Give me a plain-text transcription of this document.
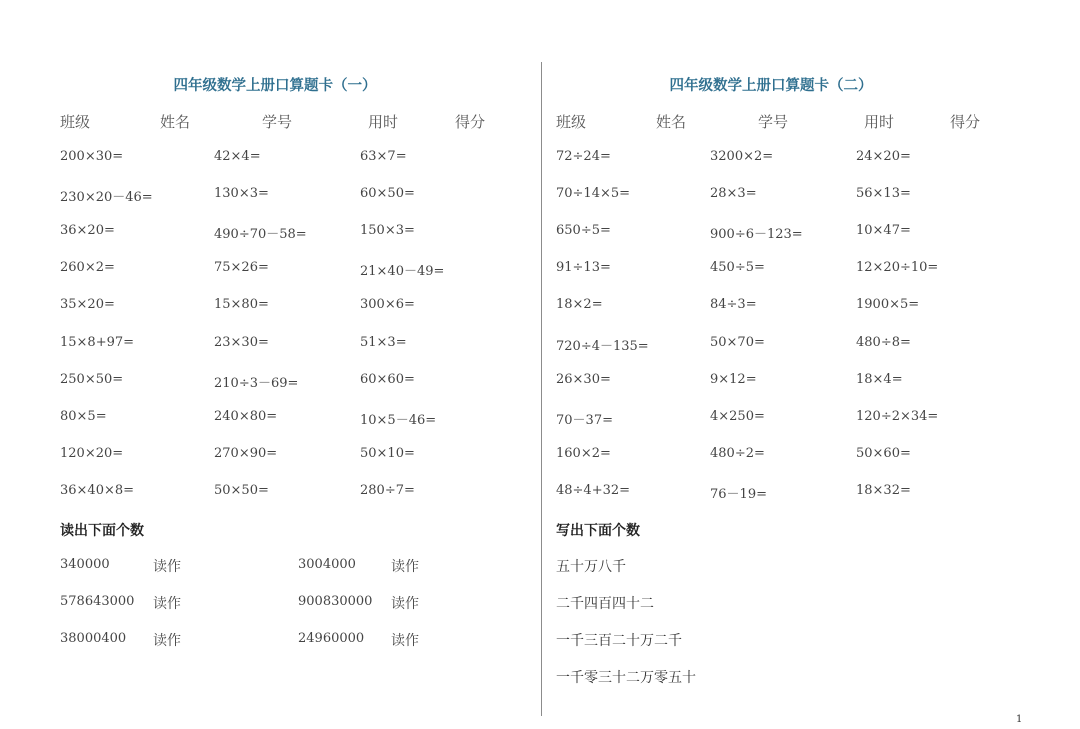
四年级数学上册口算题卡（一）
班级	姓名	学号	用时	得分
200×30=	42×4=	63×7=
230×20－46=	130×3=	60×50=
36×20=	490÷70－58=	150×3=
260×2=	75×26=	21×40－49=
35×20=	15×80=	300×6=
15×8+97=	23×30=	51×3=
250×50=	210÷3－69=	60×60=
80×5=	240×80=	10×5－46=
120×20=	270×90=	50×10=
36×40×8=	50×50=	280÷7=
读出下面个数
340000	读作	3004000	读作
578643000 读作	900830000 读作
38000400 读作	24960000 读作
四年级数学上册口算题卡（二）
班级	姓名	学号	用时	得分
72÷24=	3200×2=	24×20=
70÷14×5=	28×3=	56×13=
650÷5=	900÷6－123=	10×47=
91÷13=	450÷5=	12×20÷10=
18×2=	84÷3=	1900×5=
720÷4－135=	50×70=	480÷8=
26×30=	9×12=	18×4=
70－37=	4×250=	120÷2×34=
160×2=	480÷2=	50×60=
48÷4+32=	76－19=	18×32=
写出下面个数
五十万八千
二千四百四十二
一千三百二十万二千
一千零三十二万零五十
1
